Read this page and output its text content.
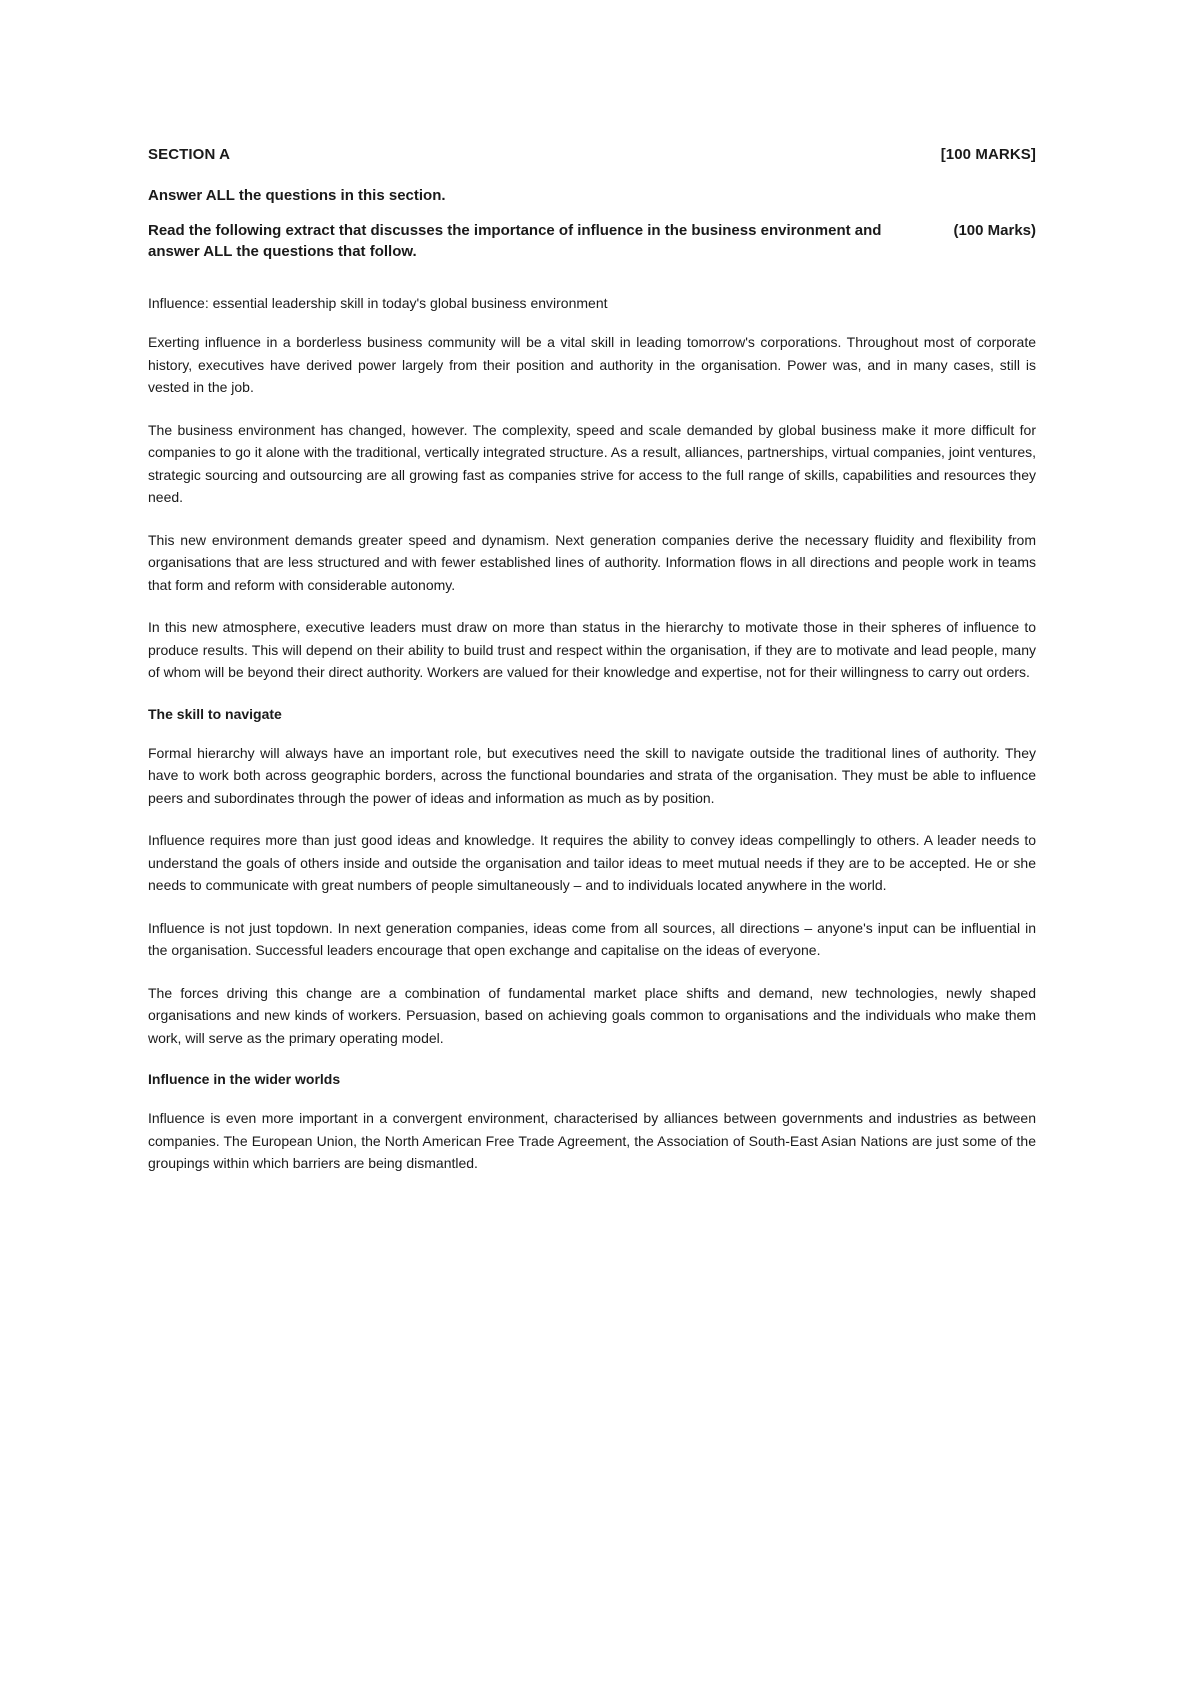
SECTION A	[100 MARKS]
Answer ALL the questions in this section.
Read the following extract that discusses the importance of influence in the business environment and answer ALL the questions that follow.
(100 Marks)
Influence: essential leadership skill in today's global business environment

Exerting influence in a borderless business community will be a vital skill in leading tomorrow's corporations. Throughout most of corporate history, executives have derived power largely from their position and authority in the organisation. Power was, and in many cases, still is vested in the job.

The business environment has changed, however. The complexity, speed and scale demanded by global business make it more difficult for companies to go it alone with the traditional, vertically integrated structure. As a result, alliances, partnerships, virtual companies, joint ventures, strategic sourcing and outsourcing are all growing fast as companies strive for access to the full range of skills, capabilities and resources they need.

This new environment demands greater speed and dynamism. Next generation companies derive the necessary fluidity and flexibility from organisations that are less structured and with fewer established lines of authority. Information flows in all directions and people work in teams that form and reform with considerable autonomy.

In this new atmosphere, executive leaders must draw on more than status in the hierarchy to motivate those in their spheres of influence to produce results. This will depend on their ability to build trust and respect within the organisation, if they are to motivate and lead people, many of whom will be beyond their direct authority. Workers are valued for their knowledge and expertise, not for their willingness to carry out orders.

The skill to navigate

Formal hierarchy will always have an important role, but executives need the skill to navigate outside the traditional lines of authority. They have to work both across geographic borders, across the functional boundaries and strata of the organisation. They must be able to influence peers and subordinates through the power of ideas and information as much as by position.

Influence requires more than just good ideas and knowledge. It requires the ability to convey ideas compellingly to others. A leader needs to understand the goals of others inside and outside the organisation and tailor ideas to meet mutual needs if they are to be accepted. He or she needs to communicate with great numbers of people simultaneously – and to individuals located anywhere in the world.

Influence is not just topdown. In next generation companies, ideas come from all sources, all directions – anyone's input can be influential in the organisation. Successful leaders encourage that open exchange and capitalise on the ideas of everyone.

The forces driving this change are a combination of fundamental market place shifts and demand, new technologies, newly shaped organisations and new kinds of workers. Persuasion, based on achieving goals common to organisations and the individuals who make them work, will serve as the primary operating model.

Influence in the wider worlds

Influence is even more important in a convergent environment, characterised by alliances between governments and industries as between companies. The European Union, the North American Free Trade Agreement, the Association of South-East Asian Nations are just some of the groupings within which barriers are being dismantled.
